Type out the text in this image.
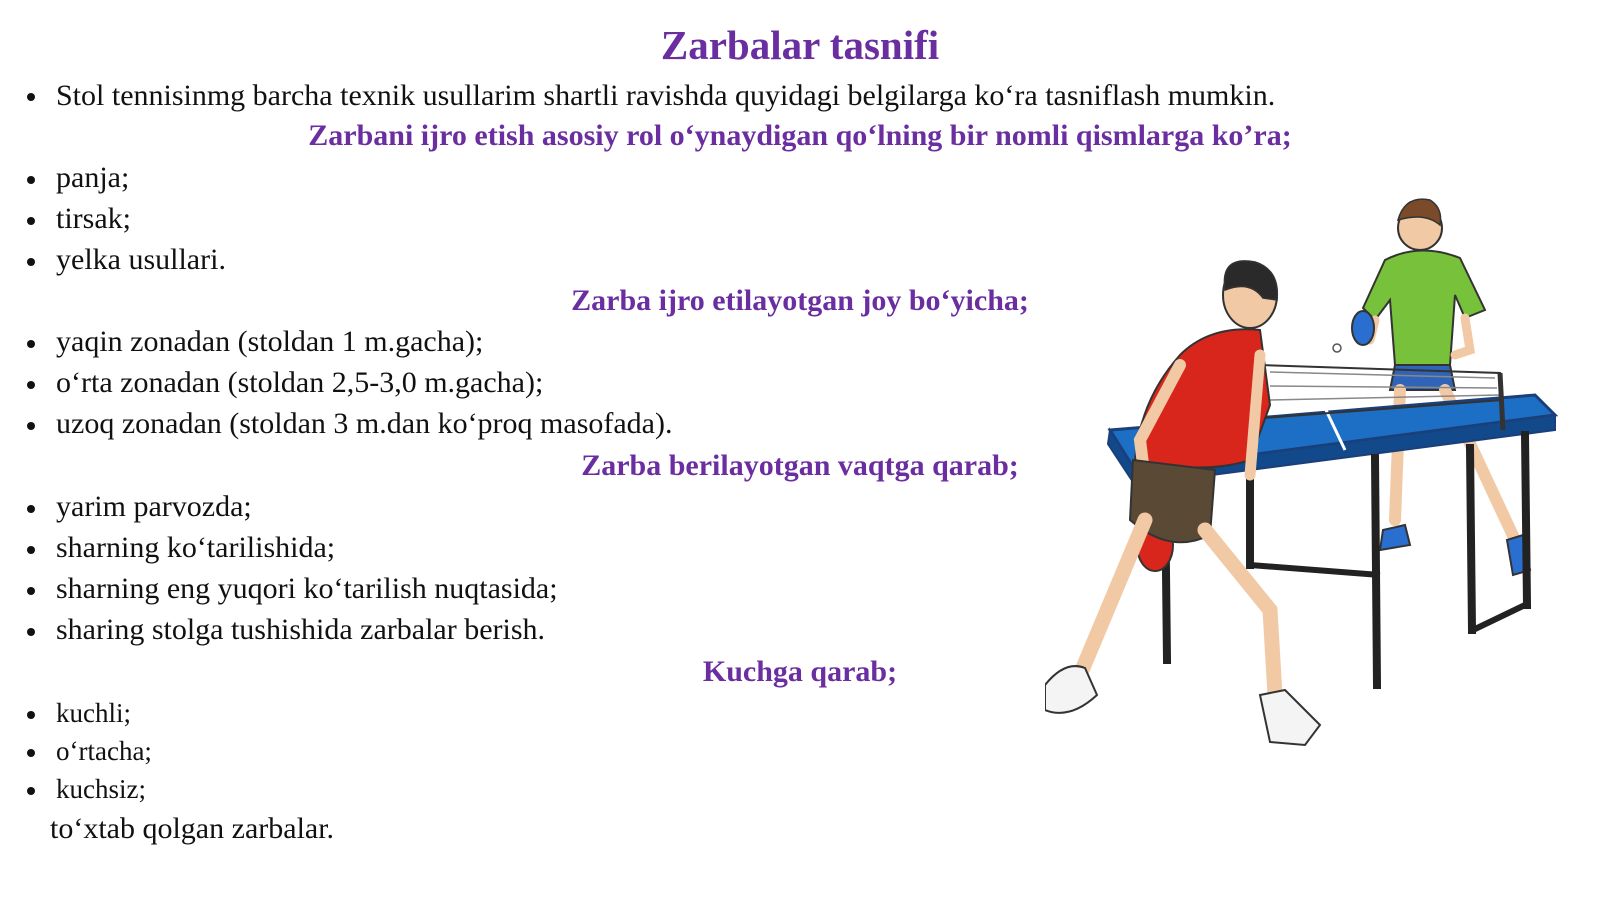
Zarbalar tasnifi
Stol tennisinmg barcha texnik usullarim shartli ravishda quyidagi belgilarga ko‘ra tasniflash mumkin.
Zarbani ijro etish asosiy rol o‘ynaydigan qo‘lning bir nomli qismlarga ko’ra;
panja;
tirsak;
yelka usullari.
Zarba ijro etilayotgan joy bo‘yicha;
yaqin zonadan (stoldan 1 m.gacha);
o‘rta zonadan (stoldan 2,5-3,0 m.gacha);
uzoq zonadan (stoldan 3 m.dan ko‘proq masofada).
Zarba berilayotgan vaqtga qarab;
yarim parvozda;
sharning ko‘tarilishida;
sharning eng yuqori ko‘tarilish nuqtasida;
sharing stolga tushishida zarbalar berish.
Kuchga qarab;
kuchli;
o‘rtacha;
kuchsiz;
to‘xtab qolgan zarbalar.
